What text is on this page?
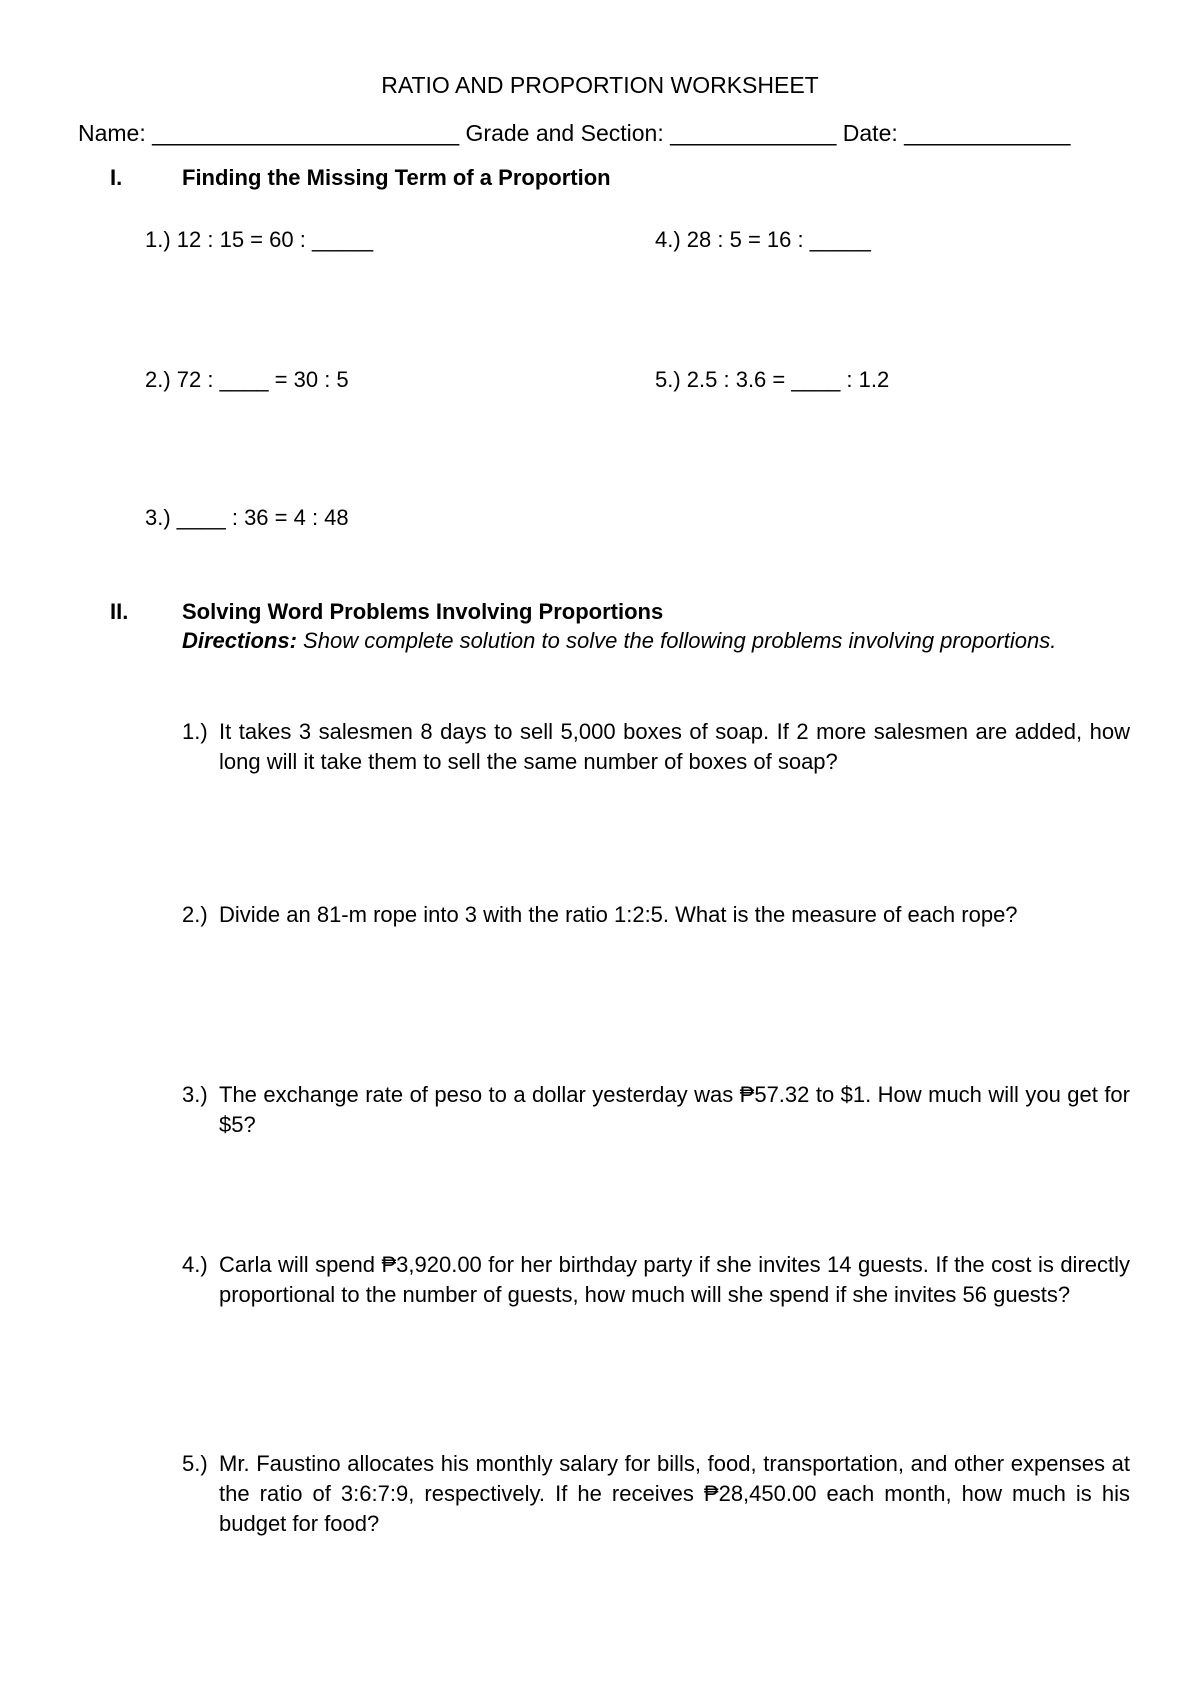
RATIO AND PROPORTION WORKSHEET
Name: ________________________ Grade and Section: _____________ Date: _____________
I.	Finding the Missing Term of a Proportion
1.) 12 : 15 = 60 : _____
2.) 72 : ____ = 30 : 5
3.) ____ : 36 = 4 : 48
4.) 28 : 5 = 16 : _____
5.) 2.5 : 3.6 = ____ : 1.2
II. Solving Word Problems Involving Proportions
Directions: Show complete solution to solve the following problems involving proportions.
1.) It takes 3 salesmen 8 days to sell 5,000 boxes of soap. If 2 more salesmen are added, how long will it take them to sell the same number of boxes of soap?
2.) Divide an 81-m rope into 3 with the ratio 1:2:5. What is the measure of each rope?
3.) The exchange rate of peso to a dollar yesterday was ₱57.32 to $1. How much will you get for $5?
4.) Carla will spend ₱3,920.00 for her birthday party if she invites 14 guests. If the cost is directly proportional to the number of guests, how much will she spend if she invites 56 guests?
5.) Mr. Faustino allocates his monthly salary for bills, food, transportation, and other expenses at the ratio of 3:6:7:9, respectively. If he receives ₱28,450.00 each month, how much is his budget for food?
